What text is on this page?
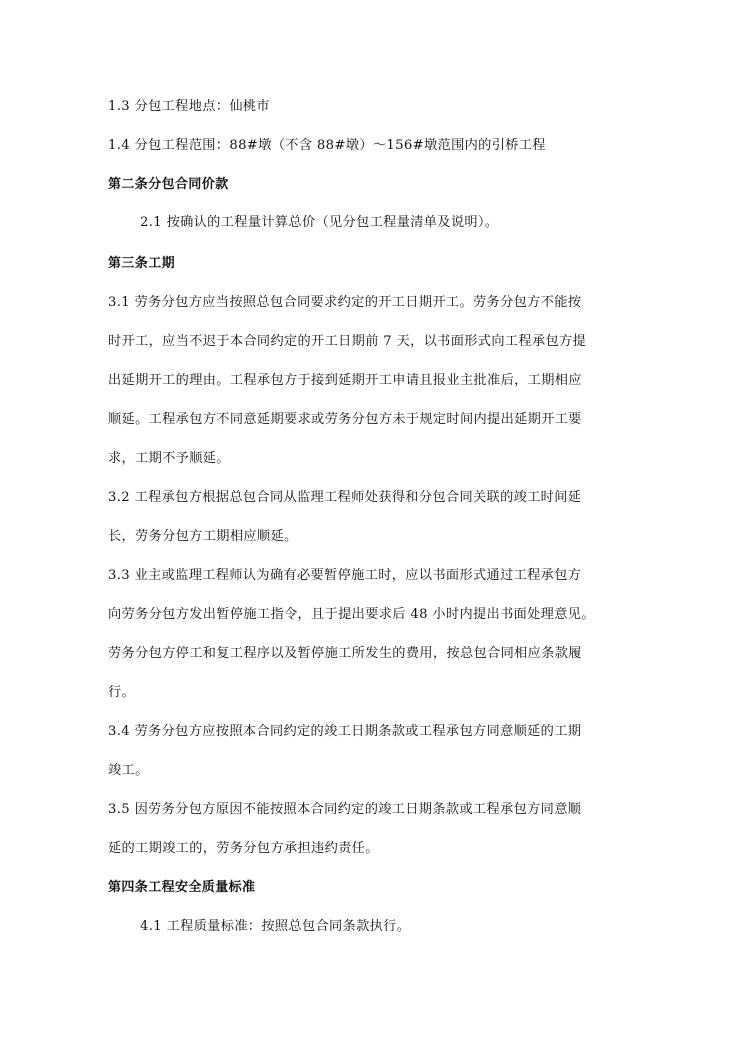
1.3 分包工程地点：仙桃市
1.4 分包工程范围：88#墩（不含 88#墩）～156#墩范围内的引桥工程
第二条分包合同价款
2.1 按确认的工程量计算总价（见分包工程量清单及说明）。
第三条工期
3.1 劳务分包方应当按照总包合同要求约定的开工日期开工。劳务分包方不能按
时开工，应当不迟于本合同约定的开工日期前 7 天，以书面形式向工程承包方提
出延期开工的理由。工程承包方于接到延期开工申请且报业主批准后，工期相应
顺延。工程承包方不同意延期要求或劳务分包方未于规定时间内提出延期开工要
求，工期不予顺延。
3.2 工程承包方根据总包合同从监理工程师处获得和分包合同关联的竣工时间延
长，劳务分包方工期相应顺延。
3.3 业主或监理工程师认为确有必要暂停施工时，应以书面形式通过工程承包方
向劳务分包方发出暂停施工指令，且于提出要求后 48 小时内提出书面处理意见。
劳务分包方停工和复工程序以及暂停施工所发生的费用，按总包合同相应条款履
行。
3.4 劳务分包方应按照本合同约定的竣工日期条款或工程承包方同意顺延的工期
竣工。
3.5 因劳务分包方原因不能按照本合同约定的竣工日期条款或工程承包方同意顺
延的工期竣工的，劳务分包方承担违约责任。
第四条工程安全质量标准
4.1 工程质量标准：按照总包合同条款执行。
